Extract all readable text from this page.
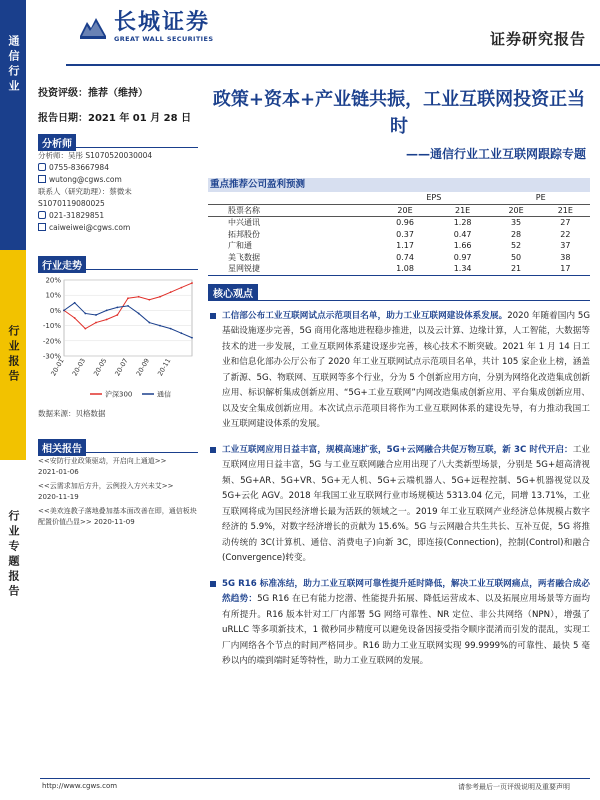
通信行业
行业报告
行业专题报告
长城证券
GREAT WALL SECURITIES	证券研究报告
投资评级：推荐（维持）
报告日期：2021 年 01 月 28 日
分析师
分析师：吴彤 S1070520030004
0755-83667984
wutong@cgws.com
联系人（研究助理）：蔡微未
S1070119080025
021-31829851
caiweiwei@cgws.com
行业走势
20%
10%
0%
-10%
-20%
-30%
20-01 20-03 20-05 20-07 20-09 20-11
沪深300	通信
数据来源：贝格数据
相关报告
<<安防行业政策驱动，开启向上通道>>
2021-01-06
<<云需求加后方升，云例投入方兴未艾>>
2020-11-19
<<美欢连教子落地叠加基本面改善在即，通信板块配置价值凸显>> 2020-11-09
政策+资本+产业链共振，工业互联网投资正当时
——通信行业工业互联网跟踪专题
重点推荐公司盈利预测
	EPS		PE	
股票名称	20E	21E	20E	21E
中兴通讯	0.96	1.28	35	27
拓邦股份	0.37	0.47	28	22
广和通	1.17	1.66	52	37
美飞数据	0.74	0.97	50	38
星网锐捷	1.08	1.34	21	17
核心观点
工信部公布工业互联网试点示范项目名单，助力工业互联网建设体系发展。2020 年随着国内 5G 基础设施逐步完善，5G 商用化落地进程稳步推进，以及云计算、边缘计算，人工智能，大数据等技术的进一步发展，工业互联网体系建设逐步完善，核心技术不断突破。2021 年 1 月 14 日工业和信息化部办公厅公布了 2020 年工业互联网试点示范项目名单，共计 105 家企业上榜，涵盖了新源、5G、物联网、互联网等多个行业，分为 5 个创新应用方向，分别为网络化改造集成创新应用、标识解析集成创新应用、“5G+工业互联网”内网改造集成创新应用、平台集成创新应用、以及安全集成创新应用。本次试点示范项目将作为工业互联网体系的建设先导，有力推动我国工业互联网建设体系的发展。
工业互联网应用日益丰富，规模高速扩张，5G+云网融合共促万物互联，新 3C 时代开启：工业互联网应用日益丰富，5G 与工业互联网融合应用出现了八大类新型场景，分别是 5G+超高清视频、5G+AR、5G+VR、5G+无人机、5G+云端机器人、5G+远程控制、5G+机器视觉以及 5G+云化 AGV。2018 年我国工业互联网行业市场规模达 5313.04 亿元，同增 13.71%，工业互联网将成为国民经济增长最为活跃的领域之一。2019 年工业互联网产业经济总体规模占数字经济的 5.9%，对数字经济增长的贡献为 15.6%。5G 与云网融合共生共长、互补互促，5G 将推动传统的 3C(计算机、通信、消费电子)向新 3C，即连接(Connection)，控制(Control)和融合(Convergence)转变。
5G R16 标准冻结，助力工业互联网可靠性提升延时降低，解决工业互联网痛点，两者融合成必然趋势：5G R16 在已有能力挖潜、性能提升拓展、降低运营成本、以及拓展应用场景等方面均有所提升。R16 版本针对工厂内部署 5G 网络可靠性、NR 定位、非公共网络（NPN），增强了 uRLLC 等多项新技术，1 微秒同步精度可以避免设备因接受指令顺序混淆而引发的混乱，实现工厂内网络各个节点的时间严格同步。R16 助力工业互联网实现 99.9999%的可靠性、最快 5 毫秒以内的端到端时延等特性，助力工业互联网的发展。
http://www.cgws.com	请参考最后一页评级说明及重要声明
